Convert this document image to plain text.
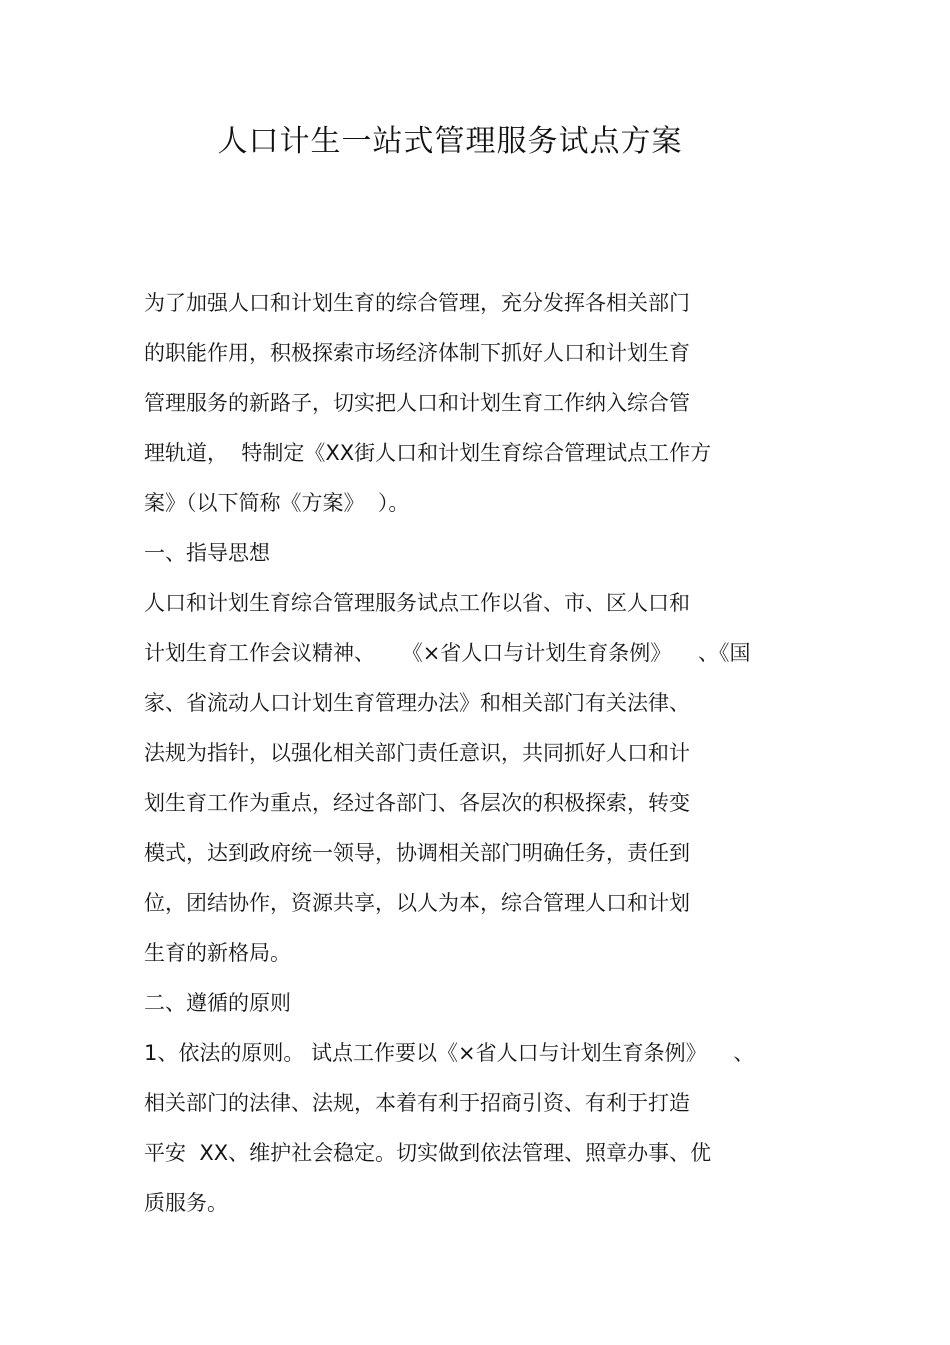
人口计生一站式管理服务试点方案
为了加强人口和计划生育的综合管理，充分发挥各相关部门
的职能作用，积极探索市场经济体制下抓好人口和计划生育
管理服务的新路子，切实把人口和计划生育工作纳入综合管
理轨道，  特制定《XX街人口和计划生育综合管理试点工作方
案》（以下简称《方案》  ）。
一、指导思想
人口和计划生育综合管理服务试点工作以省、市、区人口和
计划生育工作会议精神、    《×省人口与计划生育条例》    、《国
家、省流动人口计划生育管理办法》和相关部门有关法律、
法规为指针，以强化相关部门责任意识，共同抓好人口和计
划生育工作为重点，经过各部门、各层次的积极探索，转变
模式，达到政府统一领导，协调相关部门明确任务，责任到
位，团结协作，资源共享，以人为本，综合管理人口和计划
生育的新格局。
二、遵循的原则
1、依法的原则。 试点工作要以《×省人口与计划生育条例》    、
相关部门的法律、法规，本着有利于招商引资、有利于打造
平安  XX、维护社会稳定。切实做到依法管理、照章办事、优
质服务。
